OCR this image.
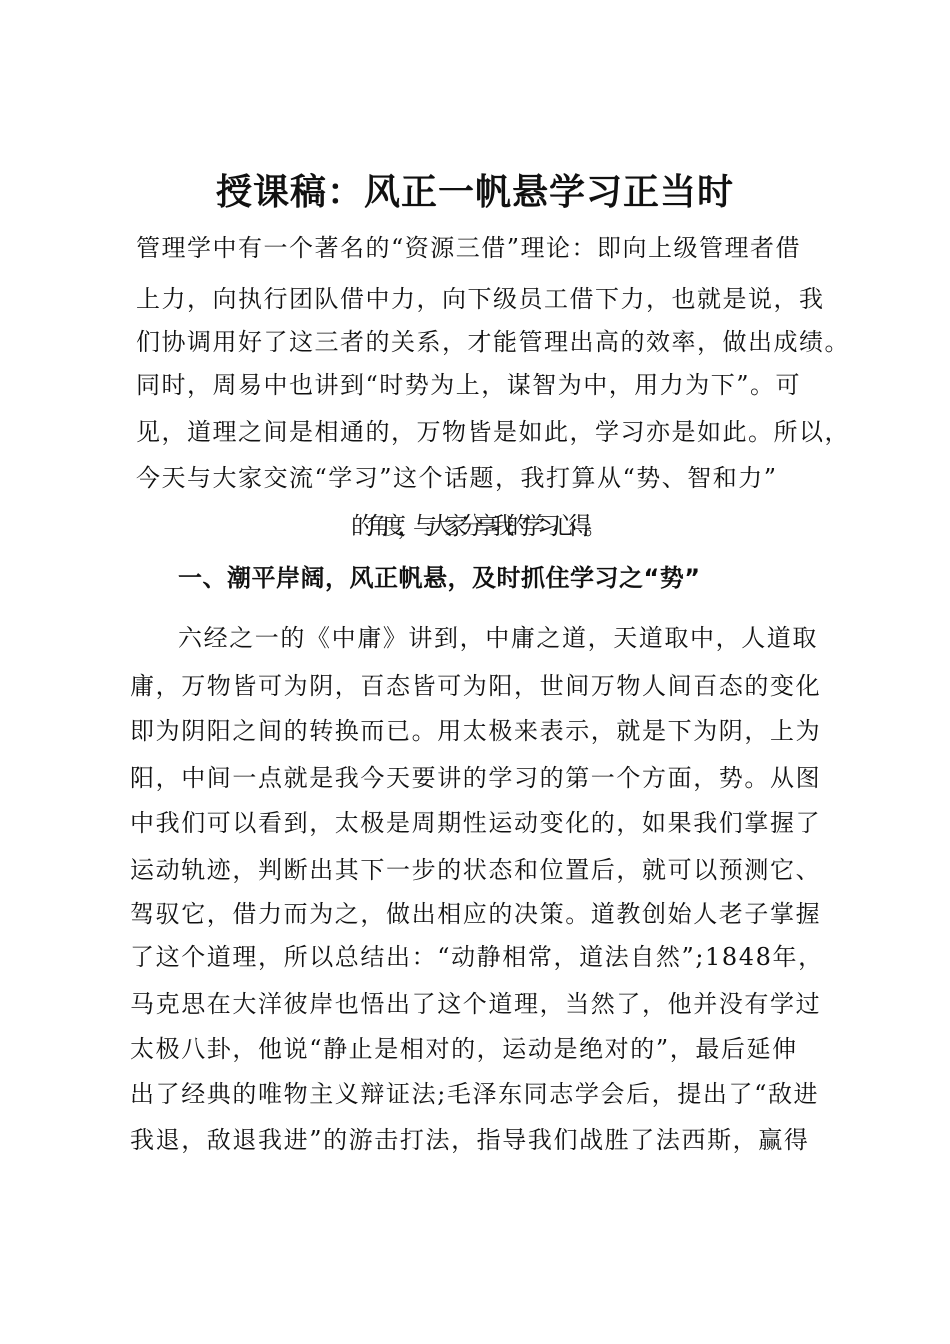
授课稿：风正一帆悬学习正当时
管理学中有一个著名的“资源三借”理论：即向上级管理者借
上力，向执行团队借中力，向下级员工借下力，也就是说，我
们协调用好了这三者的关系，才能管理出高的效率，做出成绩。
同时，周易中也讲到“时势为上，谋智为中，用力为下”。可
见，道理之间是相通的，万物皆是如此，学习亦是如此。所以，
今天与大家交流“学习”这个话题，我打算从“势、智和力”
的角度，与大家分享我的学习心得。
一、潮平岸阔，风正帆悬，及时抓住学习之“势”
六经之一的《中庸》讲到，中庸之道，天道取中，人道取
庸，万物皆可为阴，百态皆可为阳，世间万物人间百态的变化
即为阴阳之间的转换而已。用太极来表示，就是下为阴，上为
阳，中间一点就是我今天要讲的学习的第一个方面，势。从图
中我们可以看到，太极是周期性运动变化的，如果我们掌握了
运动轨迹，判断出其下一步的状态和位置后，就可以预测它、
驾驭它，借力而为之，做出相应的决策。道教创始人老子掌握
了这个道理，所以总结出：“动静相常，道法自然”;1848年，
马克思在大洋彼岸也悟出了这个道理，当然了，他并没有学过
太极八卦，他说“静止是相对的，运动是绝对的”，最后延伸
出了经典的唯物主义辩证法;毛泽东同志学会后，提出了“敌进
我退，敌退我进”的游击打法，指导我们战胜了法西斯，赢得
